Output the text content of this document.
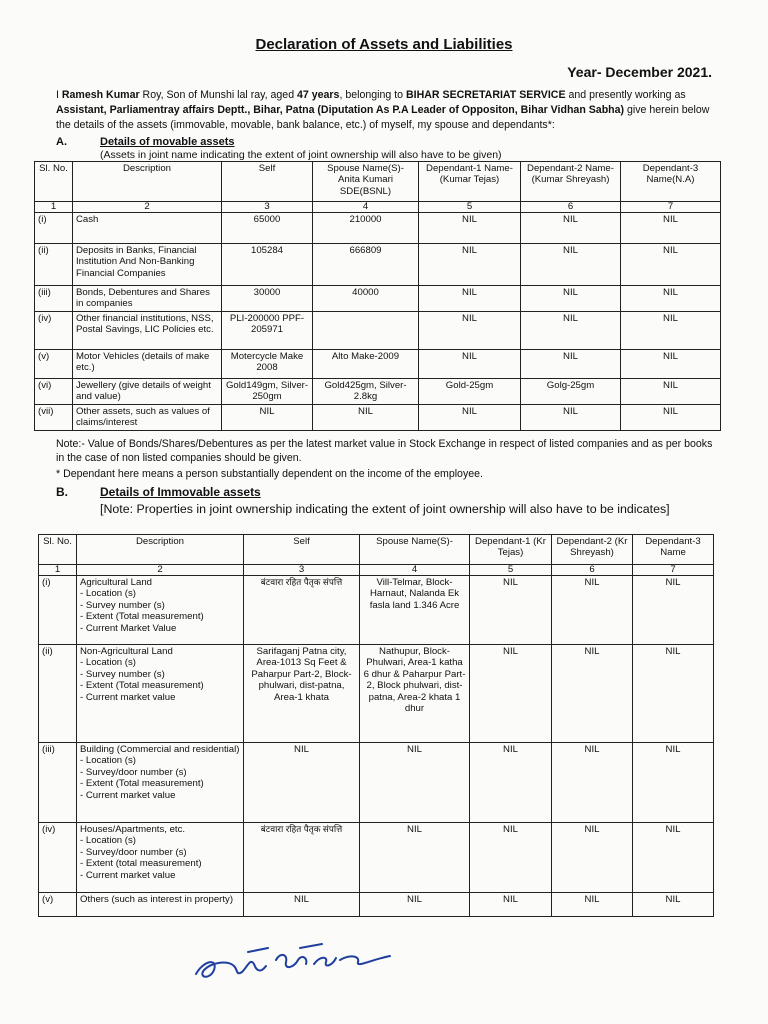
Declaration of Assets and Liabilities
Year- December 2021.
I Ramesh Kumar Roy, Son of Munshi lal ray, aged 47 years, belonging to BIHAR SECRETARIAT SERVICE and presently working as Assistant, Parliamentray affairs Deptt., Bihar, Patna (Diputation As P.A Leader of Oppositon, Bihar Vidhan Sabha) give herein below the details of the assets (immovable, movable, bank balance, etc.) of myself, my spouse and dependants*:
A.	Details of movable assets
(Assets in joint name indicating the extent of joint ownership will also have to be given)
Sl. No.	Description	Self	Spouse Name(S)- Anita Kumari SDE(BSNL)	Dependant-1 Name- (Kumar Tejas)	Dependant-2 Name- (Kumar Shreyash)	Dependant-3 Name(N.A)
1	2	3	4	5	6	7
(i)	Cash	65000	210000	NIL	NIL	NIL
(ii)	Deposits in Banks, Financial Institution And Non-Banking Financial Companies	105284	666809	NIL	NIL	NIL
(iii)	Bonds, Debentures and Shares in companies	30000	40000	NIL	NIL	NIL
(iv)	Other financial institutions, NSS, Postal Savings, LIC Policies etc.	PLI-200000 PPF-205971		NIL	NIL	NIL
(v)	Motor Vehicles (details of make etc.)	Motercycle Make 2008	Alto Make-2009	NIL	NIL	NIL
(vi)	Jewellery (give details of weight and value)	Gold149gm, Silver-250gm	Gold425gm, Silver-2.8kg	Gold-25gm	Golg-25gm	NIL
(vii)	Other assets, such as values of claims/interest	NIL	NIL	NIL	NIL	NIL
Note:- Value of Bonds/Shares/Debentures as per the latest market value in Stock Exchange in respect of listed companies and as per books in the case of non listed companies should be given.
* Dependant here means a person substantially dependent on the income of the employee.
B.	Details of Immovable assets
[Note: Properties in joint ownership indicating the extent of joint ownership will also have to be indicates]
Sl. No.	Description	Self	Spouse Name(S)-	Dependant-1 (Kr Tejas)	Dependant-2 (Kr Shreyash)	Dependant-3 Name
1	2	3	4	5	6	7
(i)	Agricultural Land
- Location (s)
- Survey number (s)
- Extent (Total measurement)
- Current Market Value	बंटवारा रहित पैतृक संपत्ति	Vill-Telmar, Block-Harnaut, Nalanda Ek fasla land 1.346 Acre	NIL	NIL	NIL
(ii)	Non-Agricultural Land
- Location (s)
- Survey number (s)
- Extent (Total measurement)
- Current market value	Sarifaganj Patna city, Area-1013 Sq Feet & Paharpur Part-2, Block-phulwari, dist-patna, Area-1 khata	Nathupur, Block-Phulwari, Area-1 katha 6 dhur & Paharpur Part-2, Block phulwari, dist-patna, Area-2 khata 1 dhur	NIL	NIL	NIL
(iii)	Building (Commercial and residential)
- Location (s)
- Survey/door number (s)
- Extent (Total measurement)
- Current market value	NIL	NIL	NIL	NIL	NIL
(iv)	Houses/Apartments, etc.
- Location (s)
- Survey/door number (s)
- Extent (total measurement)
- Current market value	बंटवारा रहित पैतृक संपत्ति	NIL	NIL	NIL	NIL
(v)	Others (such as interest in property)	NIL	NIL	NIL	NIL	NIL
